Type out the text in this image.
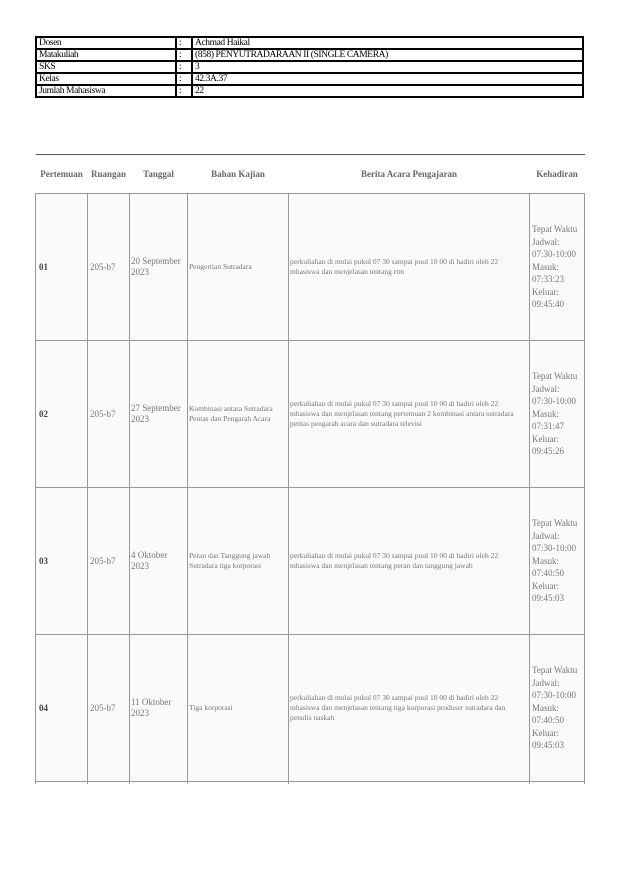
Dosen	:	Achmad Haikal
Matakuliah	:	(858) PENYUTRADARAAN II (SINGLE CAMERA)
SKS	:	3
Kelas	:	42.3A.37
Jumlah Mahasiswa	:	22
Pertemuan	Ruangan	Tanggal	Bahan Kajian	Berita Acara Pengajaran	Kehadiran
01	205-b7	20 September 2023	Pengertian Sutradara	perkuliahan di mulai pukul 07 30 sampai puul 10 00 di hadiri oleh 22 mhasiswa dan menjelasan tentang rtm	Tepat Waktu
Jadwal: 07:30-10:00
Masuk: 07:33:23
Keluar: 09:45:40
02	205-b7	27 September 2023	Kombinasi antara Sutradara Pentas dan Pengarah Acara	perkuliahan di mulai pukul 07 30 sampai puul 10 00 di hadiri oleh 22 mhasiswa dan menjelasan tentang pertemuan 2 kombinasi antara sutradara pentas pengarah acara dan sutradara televisi	Tepat Waktu
Jadwal: 07:30-10:00
Masuk: 07:31:47
Keluar: 09:45:26
03	205-b7	4 Oktober 2023	Peran dan Tanggung jawab Sutradara tiga korporasi	perkuliahan di mulai pukul 07 30 sampai puul 10 00 di hadiri oleh 22 mhasiswa dan menjelasan tentang peran dan tanggung jawab	Tepat Waktu
Jadwal: 07:30-10:00
Masuk: 07:40:50
Keluar: 09:45:03
04	205-b7	11 Oktober 2023	Tiga korporasi	perkuliahan di mulai pukul 07 30 sampai puul 10 00 di hadiri oleh 22 mhasiswa dan menjelasan tentang tiga korporasi produser sutradara dan penulis naskah	Tepat Waktu
Jadwal: 07:30-10:00
Masuk: 07:40:50
Keluar: 09:45:03
